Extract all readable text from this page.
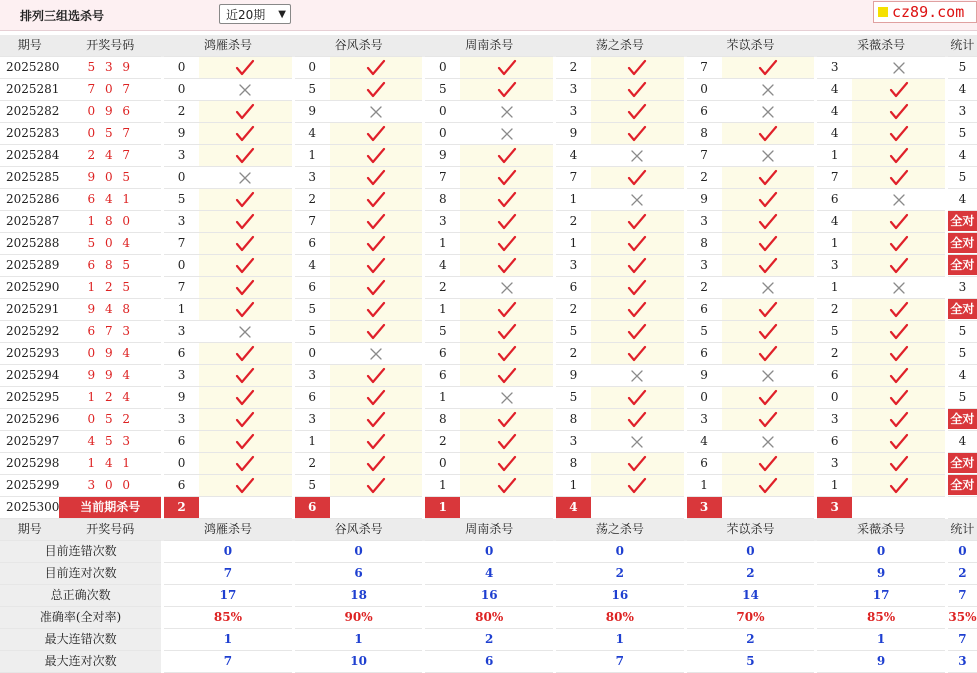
排列三组选杀号	近20期 ▼	cz89.com
期号	开奖号码		鸿雁杀号			谷风杀号			周南杀号			荡之杀号			芣苡杀号			采薇杀号			统计
2025280	5 3 9		0			0			0			2			7			3			5
2025281	7 0 7		0			5			5			3			0			4			4
2025282	0 9 6		2			9			0			3			6			4			3
2025283	0 5 7		9			4			0			9			8			4			5
2025284	2 4 7		3			1			9			4			7			1			4
2025285	9 0 5		0			3			7			7			2			7			5
2025286	6 4 1		5			2			8			1			9			6			4
2025287	1 8 0		3			7			3			2			3			4			全对
2025288	5 0 4		7			6			1			1			8			1			全对
2025289	6 8 5		0			4			4			3			3			3			全对
2025290	1 2 5		7			6			2			6			2			1			3
2025291	9 4 8		1			5			1			2			6			2			全对
2025292	6 7 3		3			5			5			5			5			5			5
2025293	0 9 4		6			0			6			2			6			2			5
2025294	9 9 4		3			3			6			9			9			6			4
2025295	1 2 4		9			6			1			5			0			0			5
2025296	0 5 2		3			3			8			8			3			3			全对
2025297	4 5 3		6			1			2			3			4			6			4
2025298	1 4 1		0			2			0			8			6			3			全对
2025299	3 0 0		6			5			1			1			1			1			全对
2025300	当前期杀号		2			6			1			4			3			3			
期号	开奖号码		鸿雁杀号			谷风杀号			周南杀号			荡之杀号			芣苡杀号			采薇杀号			统计
目前连错次数			0			0			0			0			0			0			0
目前连对次数			7			6			4			2			2			9			2
总正确次数			17			18			16			16			14			17			7
准确率(全对率)			85%			90%			80%			80%			70%			85%			35%
最大连错次数			1			1			2			1			2			1			7
最大连对次数			7			10			6			7			5			9			3
